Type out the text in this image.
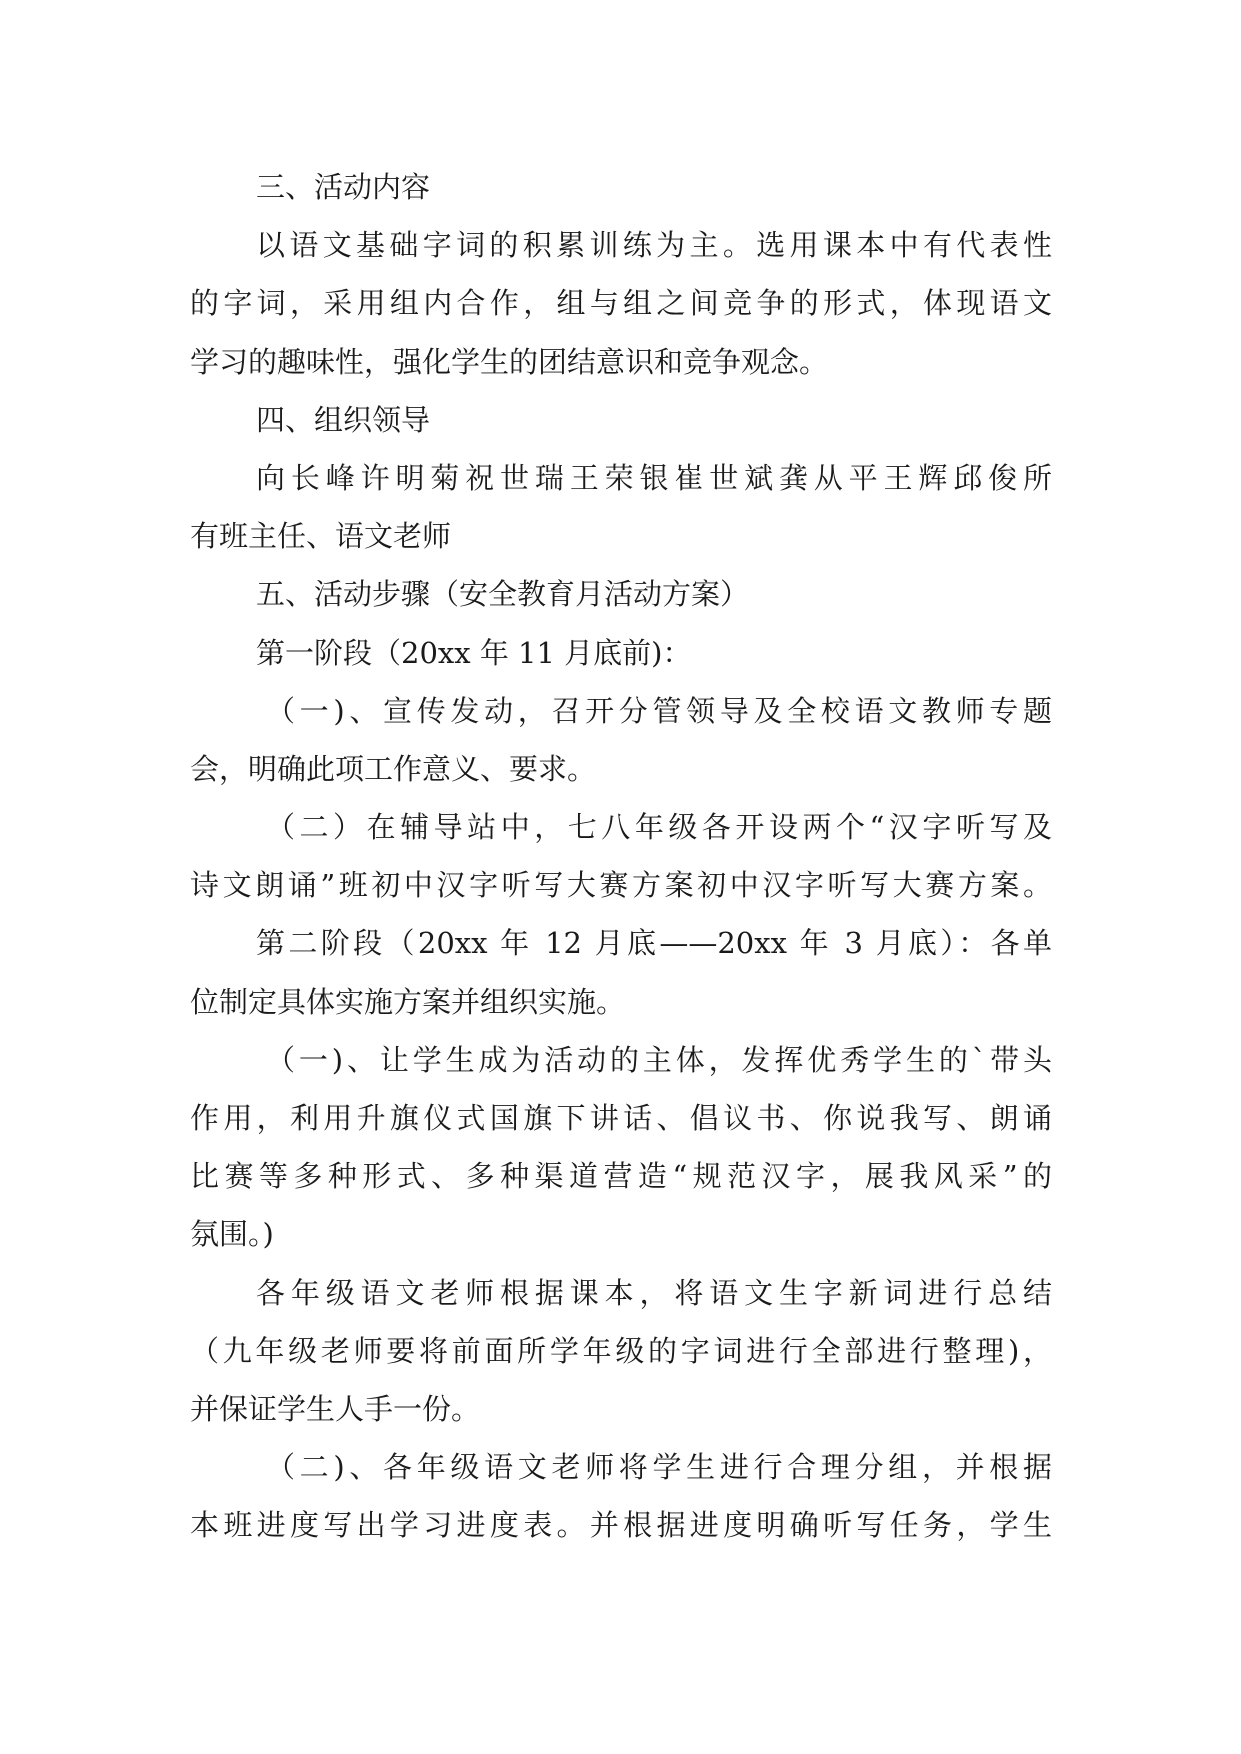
三、活动内容
以语文基础字词的积累训练为主。选用课本中有代表性
的字词，采用组内合作，组与组之间竞争的形式，体现语文
学习的趣味性，强化学生的团结意识和竞争观念。
四、组织领导
向长峰许明菊祝世瑞王荣银崔世斌龚从平王辉邱俊所
有班主任、语文老师
五、活动步骤（安全教育月活动方案）
第一阶段（20xx 年 11 月底前)：
（一)、宣传发动，召开分管领导及全校语文教师专题
会，明确此项工作意义、要求。
（二）在辅导站中，七八年级各开设两个“汉字听写及
诗文朗诵”班初中汉字听写大赛方案初中汉字听写大赛方案。
第二阶段（20xx 年 12 月底——20xx 年 3 月底）：各单
位制定具体实施方案并组织实施。
（一)、让学生成为活动的主体，发挥优秀学生的`带头
作用，利用升旗仪式国旗下讲话、倡议书、你说我写、朗诵
比赛等多种形式、多种渠道营造“规范汉字，展我风采”的
氛围。)
各年级语文老师根据课本，将语文生字新词进行总结
（九年级老师要将前面所学年级的字词进行全部进行整理)，
并保证学生人手一份。
（二)、各年级语文老师将学生进行合理分组，并根据
本班进度写出学习进度表。并根据进度明确听写任务，学生
